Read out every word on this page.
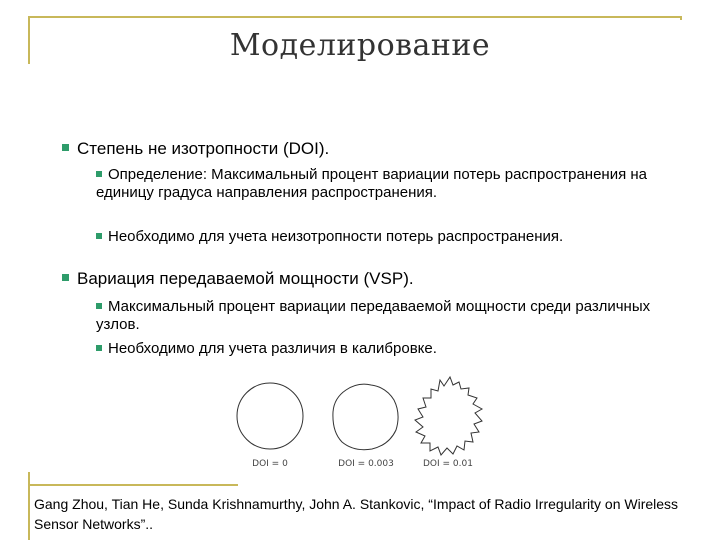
Моделирование
Степень не изотропности (DOI).
Определение: Максимальный процент вариации потерь распространения на единицу градуса направления распространения.
Необходимо для учета неизотропности потерь распространения.
Вариация передаваемой мощности (VSP).
Максимальный процент вариации передаваемой мощности среди различных узлов.
Необходимо для учета различия в калибровке.
DOI = 0	DOI = 0.003	DOI = 0.01
Gang Zhou, Tian He, Sunda Krishnamurthy, John A. Stankovic, “Impact of Radio Irregularity on Wireless Sensor Networks”..
